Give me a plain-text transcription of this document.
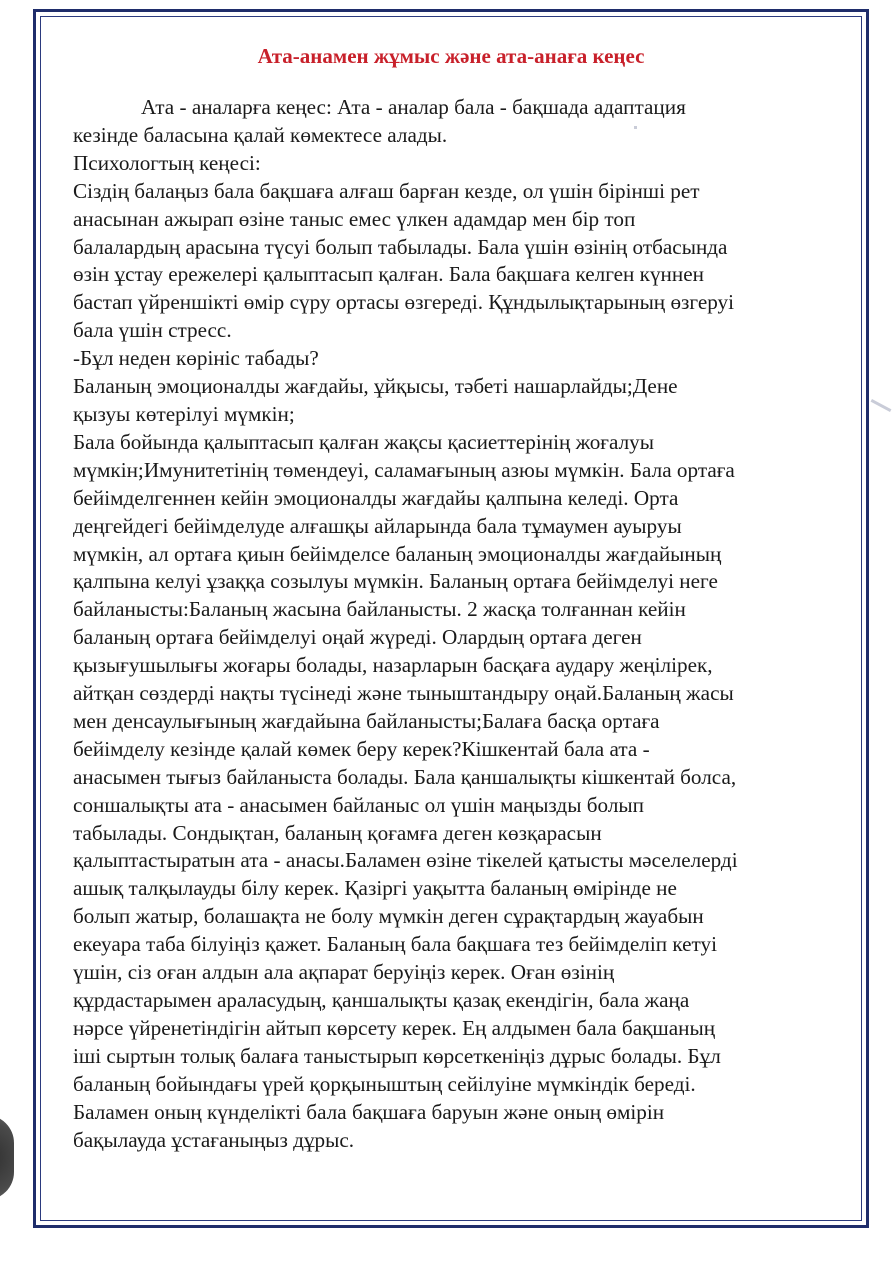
Ата-анамен жұмыс және ата-анаға кеңес
Ата - аналарға кеңес: Ата - аналар бала - бақшада адаптация
кезінде баласына қалай көмектесе алады.
Психологтың кеңесі:
Сіздің балаңыз бала бақшаға алғаш барған кезде, ол үшін бірінші рет
анасынан ажырап өзіне таныс емес үлкен адамдар мен бір топ
балалардың арасына түсуі болып табылады. Бала үшін өзінің отбасында
өзін ұстау ережелері қалыптасып қалған. Бала бақшаға келген күннен
бастап үйреншікті өмір сүру ортасы өзгереді. Құндылықтарының өзгеруі
бала үшін стресс.
-Бұл неден көрініс табады?
Баланың эмоционалды жағдайы, ұйқысы, тәбеті нашарлайды;Дене
қызуы көтерілуі мүмкін;
Бала бойында қалыптасып қалған жақсы қасиеттерінің жоғалуы
мүмкін;Имунитетінің төмендеуі, саламағының азюы мүмкін. Бала ортаға
бейімделгеннен кейін эмоционалды жағдайы қалпына келеді. Орта
деңгейдегі бейімделуде алғашқы айларында бала тұмаумен ауыруы
мүмкін, ал ортаға қиын бейімделсе баланың эмоционалды жағдайының
қалпына келуі ұзаққа созылуы мүмкін. Баланың ортаға бейімделуі неге
байланысты:Баланың жасына байланысты. 2 жасқа толғаннан кейін
баланың ортаға бейімделуі оңай жүреді. Олардың ортаға деген
қызығушылығы жоғары болады, назарларын басқаға аудару жеңілірек,
айтқан сөздерді нақты түсінеді және тыныштандыру оңай.Баланың жасы
мен денсаулығының жағдайына байланысты;Балаға басқа ортаға
бейімделу кезінде қалай көмек беру керек?Кішкентай бала ата -
анасымен тығыз байланыста болады. Бала қаншалықты кішкентай болса,
соншалықты ата - анасымен байланыс ол үшін маңызды болып
табылады. Сондықтан, баланың қоғамға деген көзқарасын
қалыптастыратын ата - анасы.Баламен өзіне тікелей қатысты мәселелерді
ашық талқылауды білу керек. Қазіргі уақытта баланың өмірінде не
болып жатыр, болашақта не болу мүмкін деген сұрақтардың жауабын
екеуара таба білуіңіз қажет. Баланың бала бақшаға тез бейімделіп кетуі
үшін, сіз оған алдын ала ақпарат беруіңіз керек. Оған өзінің
құрдастарымен араласудың, қаншалықты қазақ екендігін, бала жаңа
нәрсе үйренетіндігін айтып көрсету керек. Ең алдымен бала бақшаның
іші сыртын толық балаға таныстырып көрсеткеніңіз дұрыс болады. Бұл
баланың бойындағы үрей қорқыныштың сейілуіне мүмкіндік береді.
Баламен оның күнделікті бала бақшаға баруын және оның өмірін
бақылауда ұстағаныңыз дұрыс.
